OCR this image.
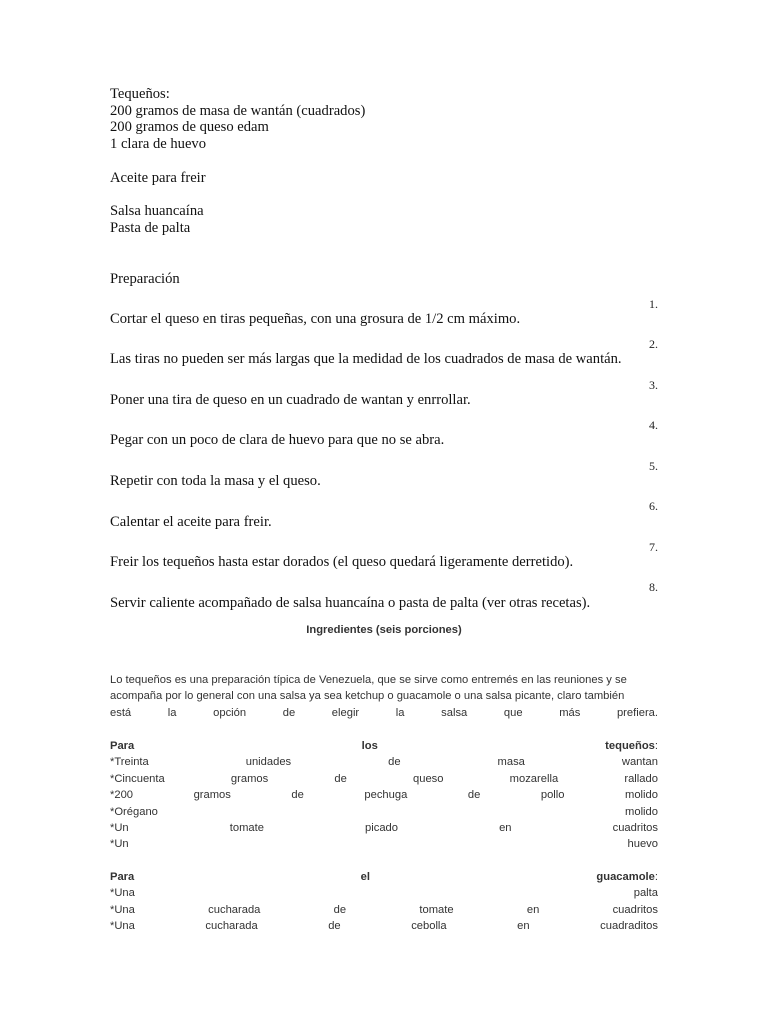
Tequeños:
200 gramos de masa de wantán (cuadrados)
200 gramos de queso edam
1 clara de huevo
Aceite para freir
Salsa huancaína
Pasta de palta
Preparación
1.
Cortar el queso en tiras pequeñas, con una grosura de 1/2 cm máximo.
2.
Las tiras no pueden ser más largas que la medidad de los cuadrados de masa de wantán.
3.
Poner una tira de queso en un cuadrado de wantan y enrrollar.
4.
Pegar con un poco de clara de huevo para que no se abra.
5.
Repetir con toda la masa y el queso.
6.
Calentar el aceite para freir.
7.
Freir los tequeños hasta estar dorados (el queso quedará ligeramente derretido).
8.
Servir caliente acompañado de salsa huancaína o pasta de palta (ver otras recetas).
Ingredientes (seis porciones)
Lo tequeños es una preparación típica de Venezuela, que se sirve como entremés en las reuniones y se
acompaña por lo general con una salsa ya sea ketchup o guacamole o una salsa picante, claro también
está	la	opción	de	elegir	la	salsa	que	más	prefiera.
Para	los	tequeños:
*Treinta	unidades	de	masa	wantan
*Cincuenta	gramos	de	queso	mozarella	rallado
*200	gramos	de	pechuga	de	pollo	molido
*Orégano	molido
*Un	tomate	picado	en	cuadritos
*Un	huevo
Para	el	guacamole:
*Una	palta
*Una	cucharada	de	tomate	en	cuadritos
*Una	cucharada	de	cebolla	en	cuadraditos
